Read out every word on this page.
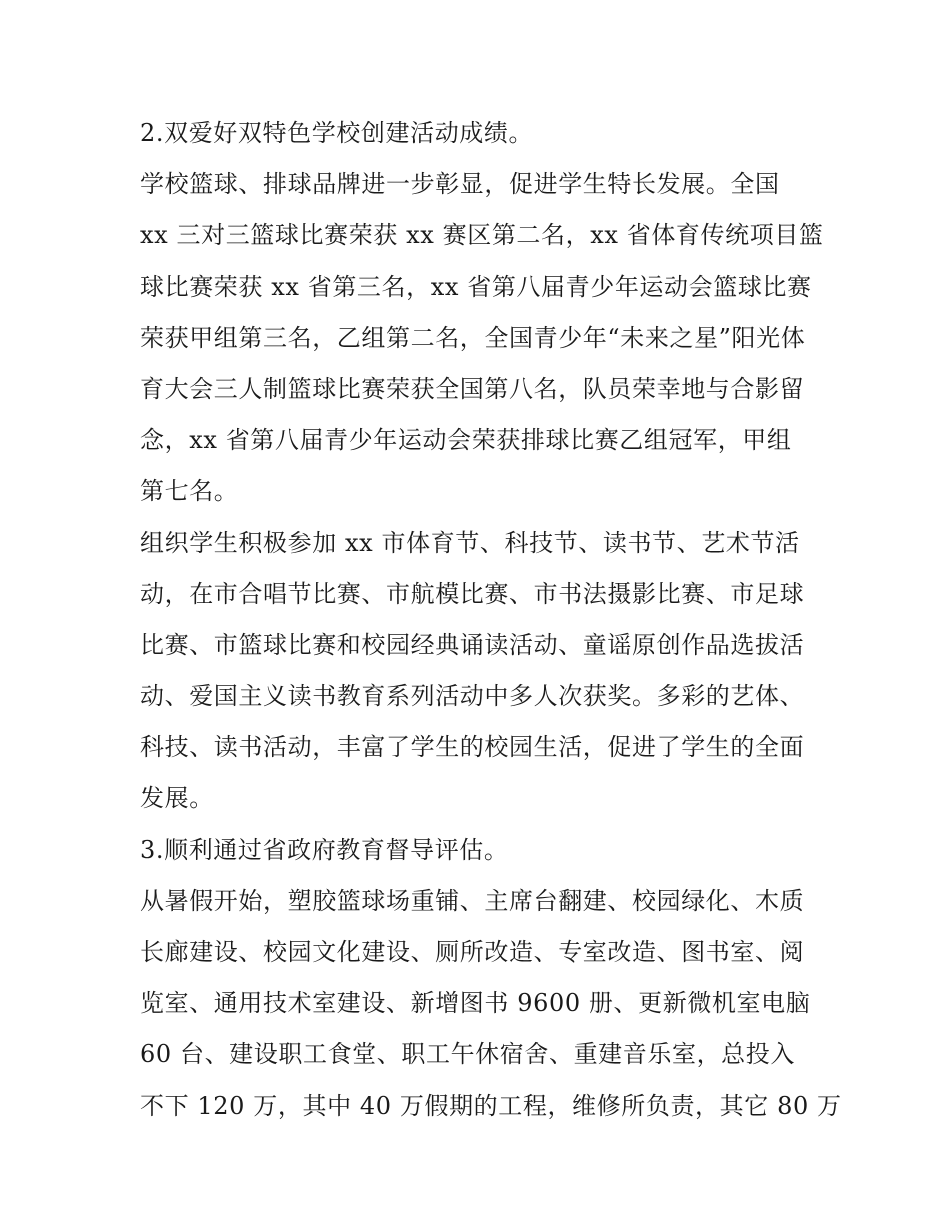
2.双爱好双特色学校创建活动成绩。
学校篮球、排球品牌进一步彰显，促进学生特长发展。全国
xx 三对三篮球比赛荣获 xx 赛区第二名，xx 省体育传统项目篮
球比赛荣获 xx 省第三名，xx 省第八届青少年运动会篮球比赛
荣获甲组第三名，乙组第二名，全国青少年“未来之星”阳光体
育大会三人制篮球比赛荣获全国第八名，队员荣幸地与合影留
念，xx 省第八届青少年运动会荣获排球比赛乙组冠军，甲组
第七名。
组织学生积极参加 xx 市体育节、科技节、读书节、艺术节活
动，在市合唱节比赛、市航模比赛、市书法摄影比赛、市足球
比赛、市篮球比赛和校园经典诵读活动、童谣原创作品选拔活
动、爱国主义读书教育系列活动中多人次获奖。多彩的艺体、
科技、读书活动，丰富了学生的校园生活，促进了学生的全面
发展。
3.顺利通过省政府教育督导评估。
从暑假开始，塑胶篮球场重铺、主席台翻建、校园绿化、木质
长廊建设、校园文化建设、厕所改造、专室改造、图书室、阅
览室、通用技术室建设、新增图书 9600 册、更新微机室电脑
60 台、建设职工食堂、职工午休宿舍、重建音乐室，总投入
不下 120 万，其中 40 万假期的工程，维修所负责，其它 80 万
